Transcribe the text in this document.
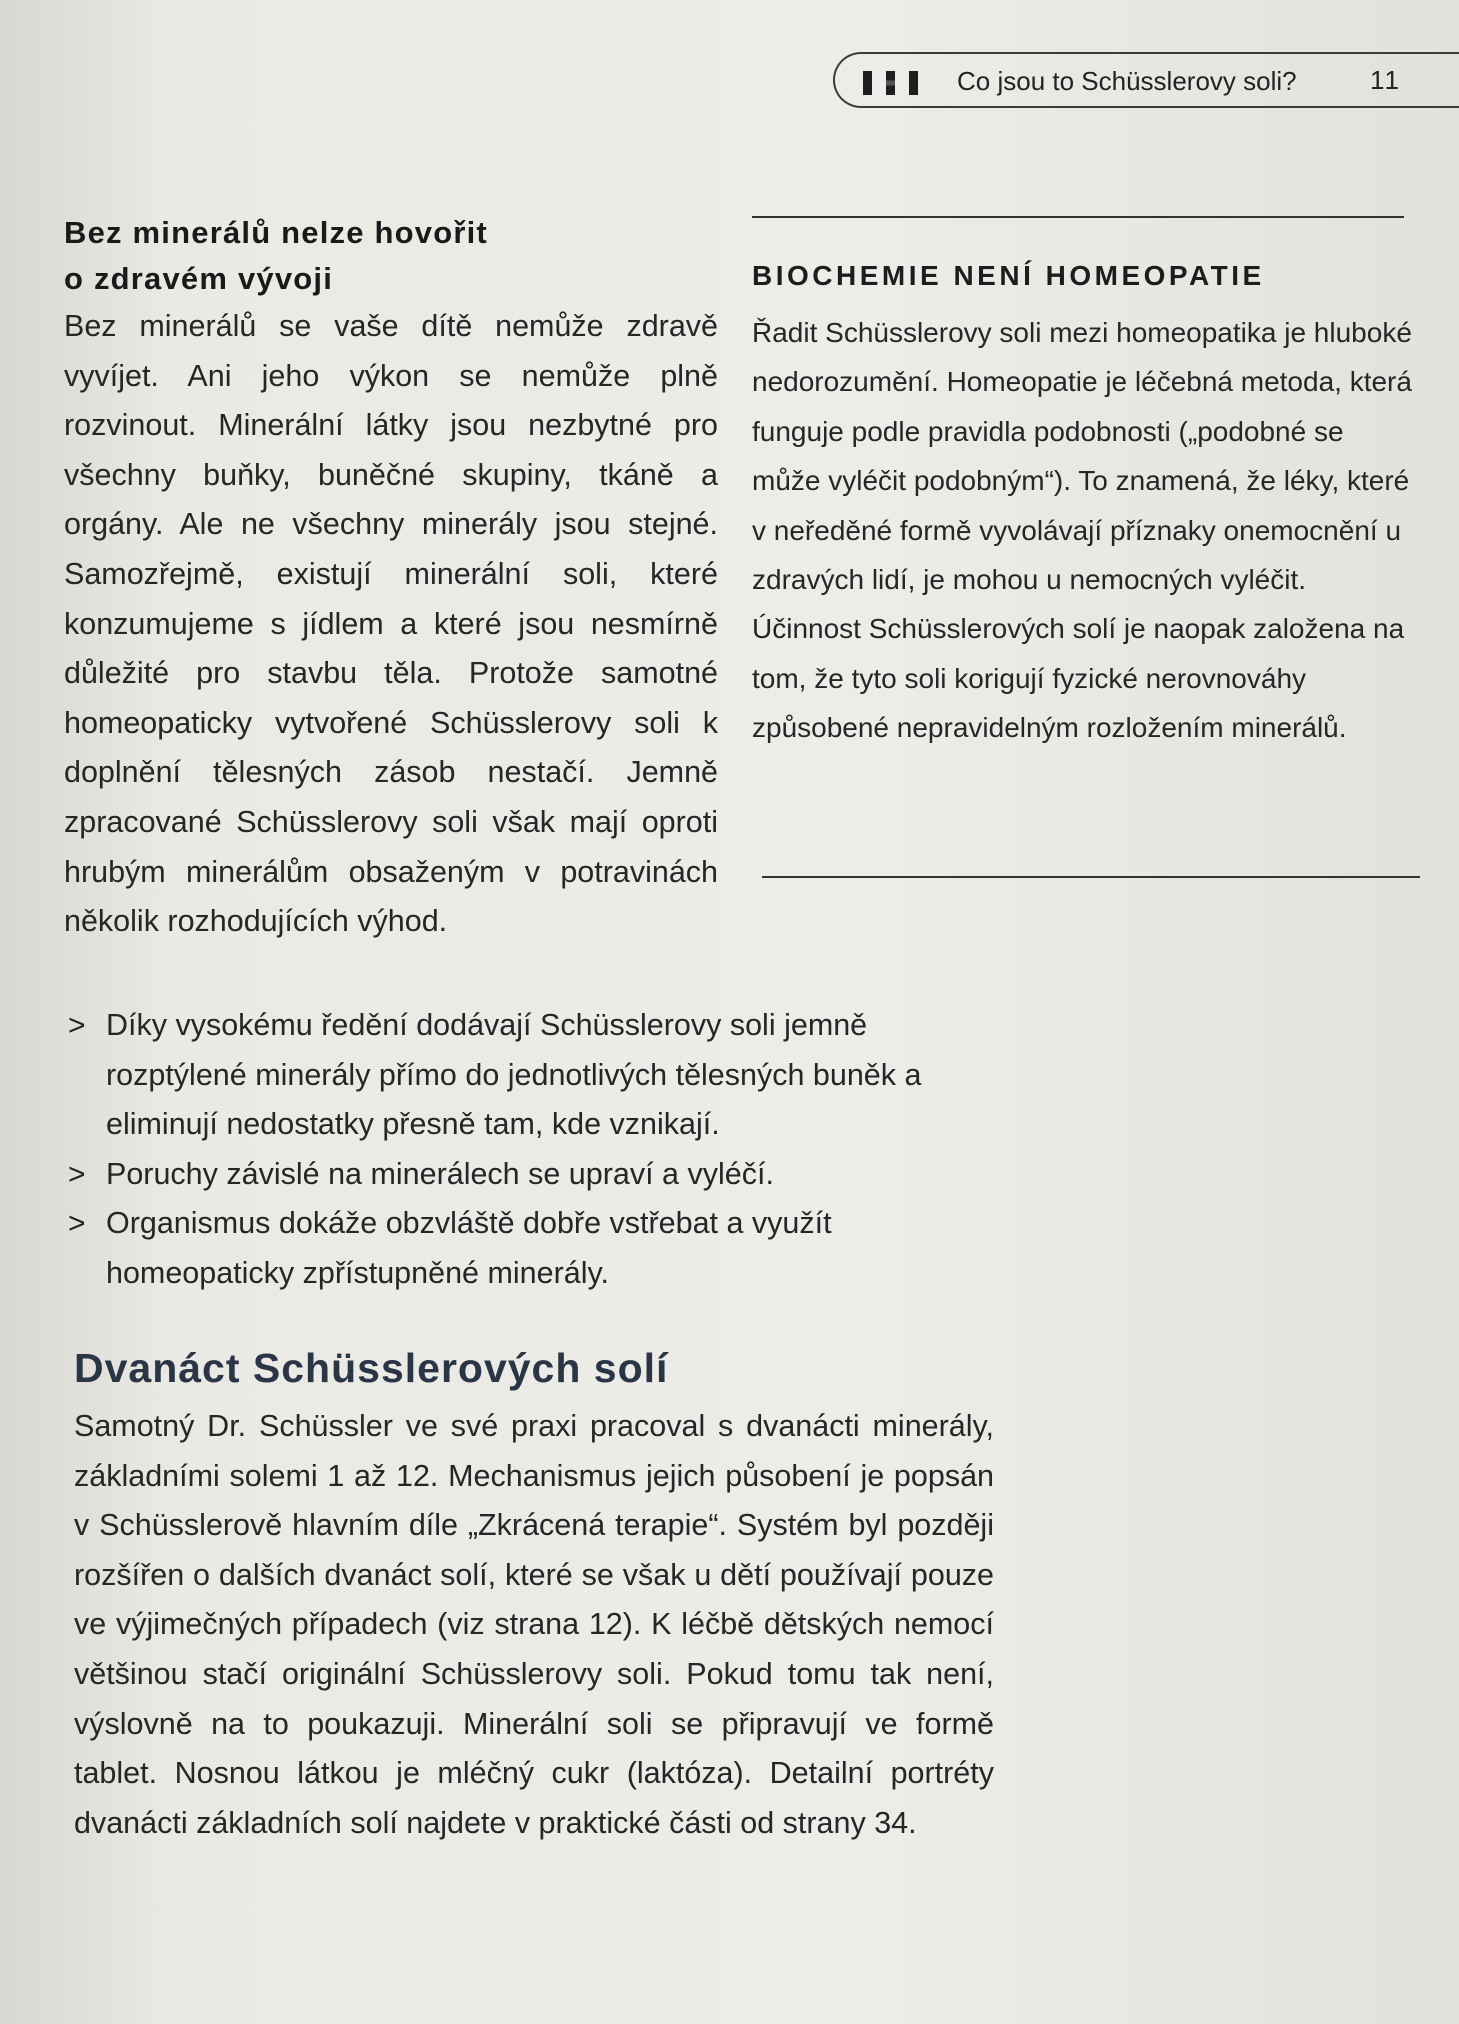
Co jsou to Schüsslerovy soli?	11

Bez minerálů nelze hovořit

o zdravém vývoji

Bez minerálů se vaše dítě nemůže zdravě vyvíjet. Ani jeho výkon se nemůže plně rozvinout. Minerální látky jsou nezbytné pro všechny buňky, buněčné skupiny, tkáně a orgány. Ale ne všechny minerály jsou stejné. Samozřejmě, existují minerální soli, které konzumujeme s jídlem a které jsou nesmírně důležité pro stavbu těla. Protože samotné homeopaticky vytvořené Schüsslerovy soli k doplnění tělesných zásob nestačí. Jemně zpracované Schüsslerovy soli však mají oproti hrubým minerálům obsaženým v potravinách několik rozhodujících výhod.

> Díky vysokému ředění dodávají Schüsslerovy soli jemně rozptýlené minerály přímo do jednotlivých tělesných buněk a eliminují nedostatky přesně tam, kde vznikají.

> Poruchy závislé na minerálech se upraví a vyléčí.

> Organismus dokáže obzvláště dobře vstřebat a využít homeopaticky zpřístupněné minerály.

BIOCHEMIE NENÍ HOMEOPATIE
Řadit Schüsslerovy soli mezi homeopatika je hluboké nedorozumění. Homeopatie je léčebná metoda, která funguje podle pravidla podobnosti („podobné se může vyléčit podobným“). To znamená, že léky, které v neředěné formě vyvolávají příznaky onemocnění u zdravých lidí, je mohou u nemocných vyléčit. Účinnost Schüsslerových solí je naopak založena na tom, že tyto soli korigují fyzické nerovnováhy způsobené nepravidelným rozložením minerálů.

Dvanáct Schüsslerových solí

Samotný Dr. Schüssler ve své praxi pracoval s dvanácti minerály, základními solemi 1 až 12. Mechanismus jejich působení je popsán v Schüsslerově hlavním díle „Zkrácená terapie“. Systém byl později rozšířen o dalších dvanáct solí, které se však u dětí používají pouze ve výjimečných případech (viz strana 12). K léčbě dětských nemocí většinou stačí originální Schüsslerovy soli. Pokud tomu tak není, výslovně na to poukazuji. Minerální soli se připravují ve formě tablet. Nosnou látkou je mléčný cukr (laktóza). Detailní portréty dvanácti základních solí najdete v praktické části od strany 34.
